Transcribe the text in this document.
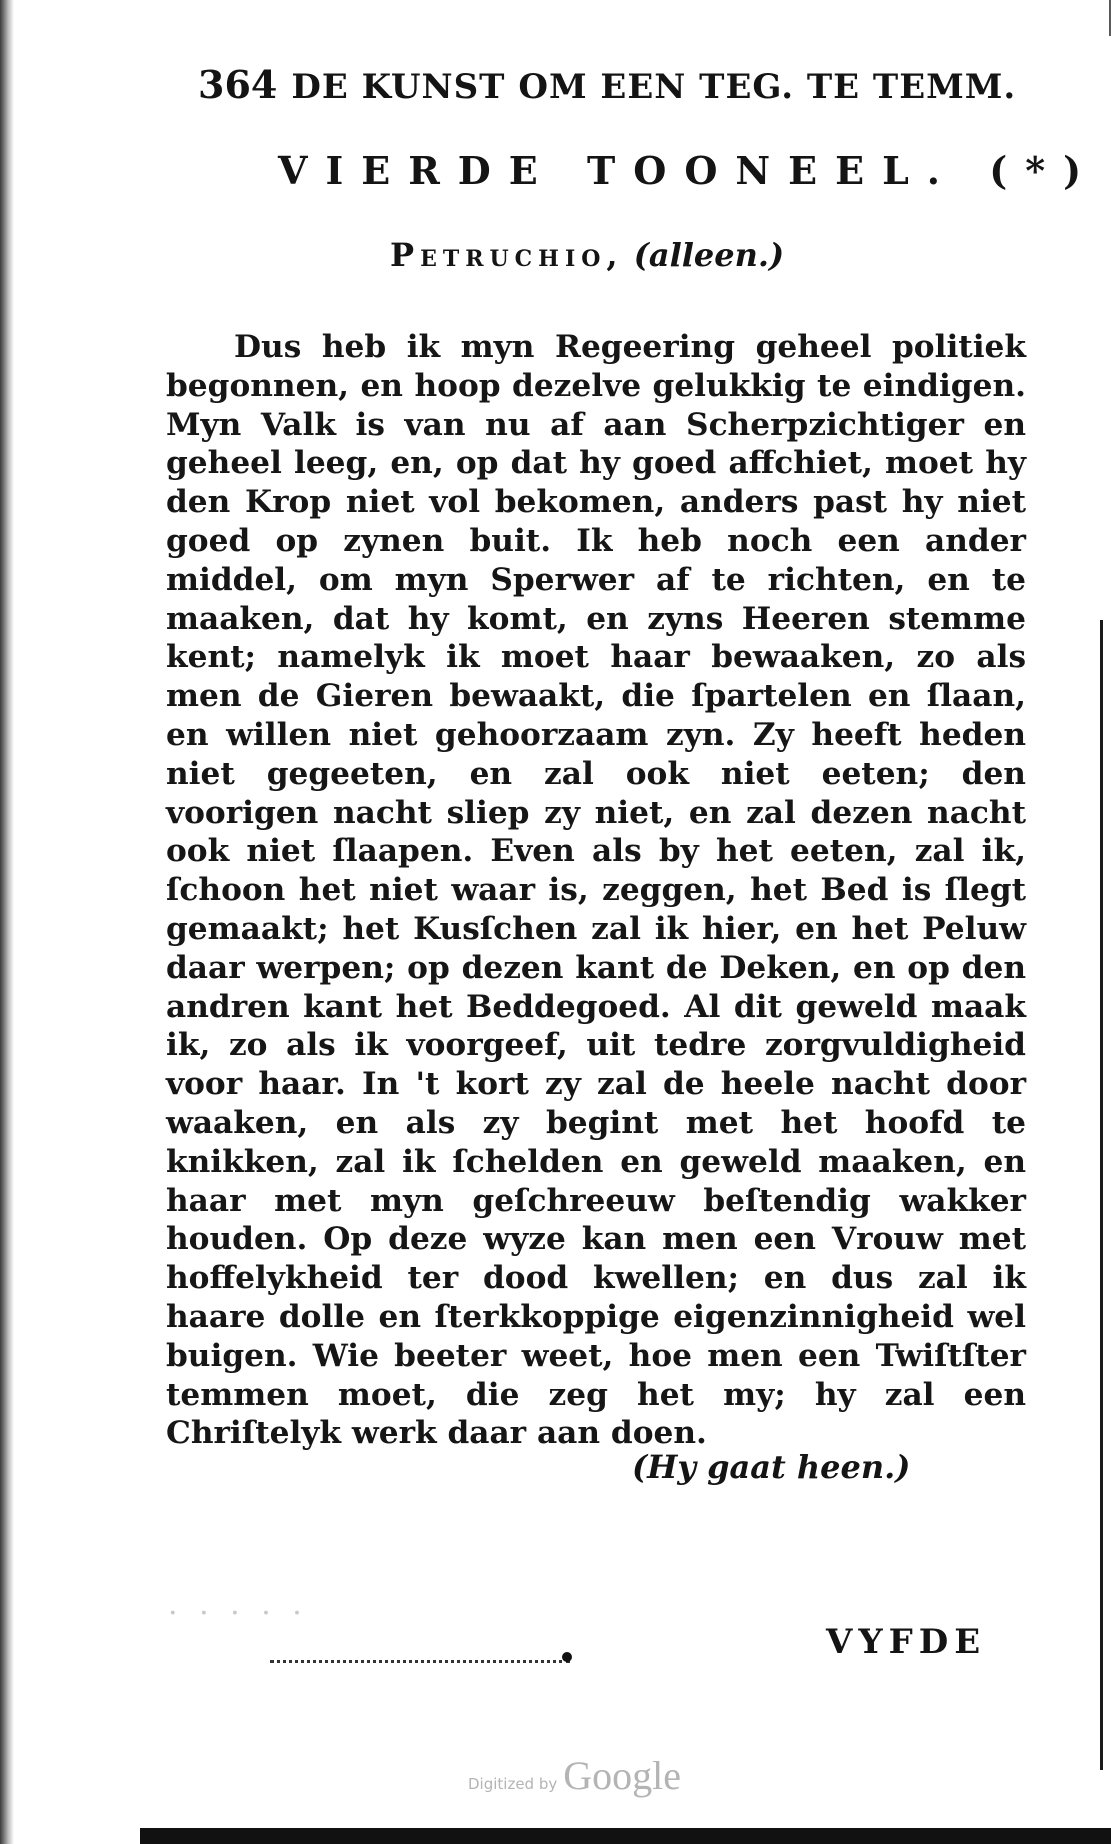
364 DE KUNST OM EEN TEG. TE TEMM.
VIERDE TOONEEL. (*)
Petruchio, (alleen.)

Dus heb ik myn Regeering geheel politiek begonnen, en hoop dezelve gelukkig te eindigen. Myn Valk is van nu af aan Scherpzichtiger en geheel leeg, en, op dat hy goed affchiet, moet hy den Krop niet vol bekomen, anders past hy niet goed op zynen buit. Ik heb noch een ander middel, om myn Sperwer af te richten, en te maaken, dat hy komt, en zyns Heeren stemme kent; namelyk ik moet haar bewaaken, zo als men de Gieren bewaakt, die ſpartelen en ſlaan, en willen niet gehoorzaam zyn. Zy heeft heden niet gegeeten, en zal ook niet eeten; den voorigen nacht sliep zy niet, en zal dezen nacht ook niet ſlaapen. Even als by het eeten, zal ik, ſchoon het niet waar is, zeggen, het Bed is ſlegt gemaakt; het Kusſchen zal ik hier, en het Peluw daar werpen; op dezen kant de Deken, en op den andren kant het Beddegoed. Al dit geweld maak ik, zo als ik voorgeef, uit tedre zorgvuldigheid voor haar. In 't kort zy zal de heele nacht door waaken, en als zy begint met het hoofd te knikken, zal ik ſchelden en geweld maaken, en haar met myn geſchreeuw beſtendig wakker houden. Op deze wyze kan men een Vrouw met hoffelykheid ter dood kwellen; en dus zal ik haare dolle en ſterkkoppige eigenzinnigheid wel buigen. Wie beeter weet, hoe men een Twiſtſter temmen moet, die zeg het my; hy zal een Chriſtelyk werk daar aan doen.

(Hy gaat heen.)
· · · · ·
VYFDE
Digitized by Google
